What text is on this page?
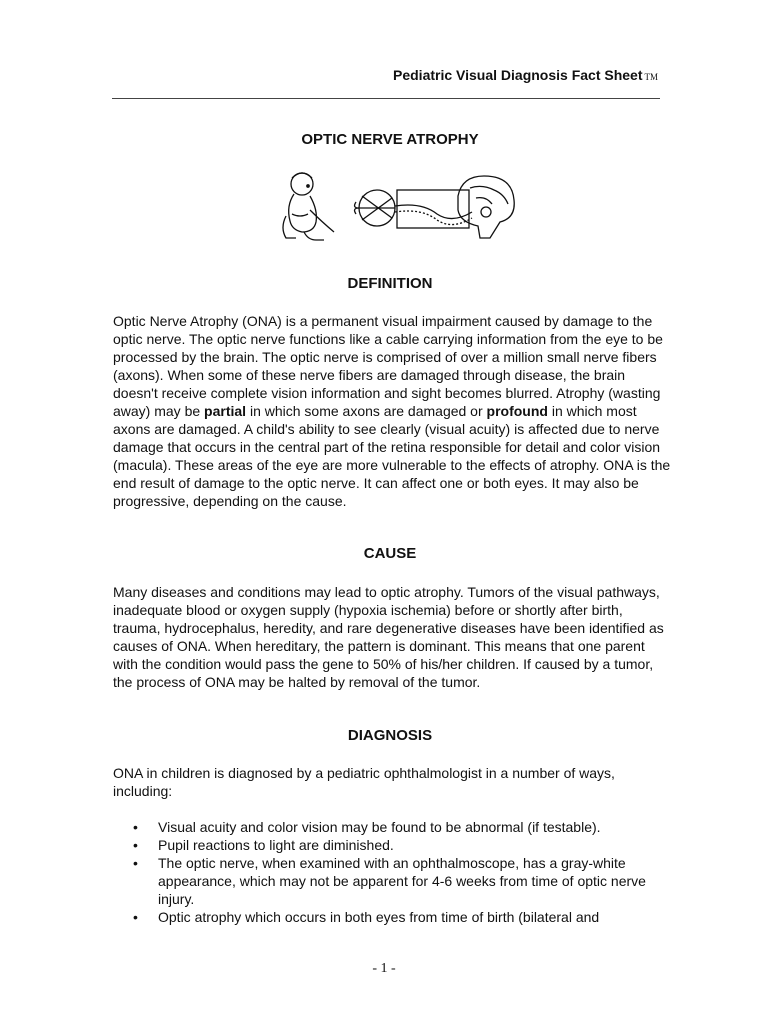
Pediatric Visual Diagnosis Fact Sheet TM
OPTIC NERVE ATROPHY
DEFINITION

Optic Nerve Atrophy (ONA) is a permanent visual impairment caused by damage to the optic nerve. The optic nerve functions like a cable carrying information from the eye to be processed by the brain. The optic nerve is comprised of over a million small nerve fibers (axons). When some of these nerve fibers are damaged through disease, the brain doesn't receive complete vision information and sight becomes blurred. Atrophy (wasting away) may be partial in which some axons are damaged or profound in which most axons are damaged. A child's ability to see clearly (visual acuity) is affected due to nerve damage that occurs in the central part of the retina responsible for detail and color vision (macula). These areas of the eye are more vulnerable to the effects of atrophy. ONA is the end result of damage to the optic nerve. It can affect one or both eyes. It may also be progressive, depending on the cause.

CAUSE

Many diseases and conditions may lead to optic atrophy. Tumors of the visual pathways, inadequate blood or oxygen supply (hypoxia ischemia) before or shortly after birth, trauma, hydrocephalus, heredity, and rare degenerative diseases have been identified as causes of ONA. When hereditary, the pattern is dominant. This means that one parent with the condition would pass the gene to 50% of his/her children. If caused by a tumor, the process of ONA may be halted by removal of the tumor.

DIAGNOSIS

ONA in children is diagnosed by a pediatric ophthalmologist in a number of ways, including:

• Visual acuity and color vision may be found to be abnormal (if testable).
• Pupil reactions to light are diminished.
• The optic nerve, when examined with an ophthalmoscope, has a gray-white appearance, which may not be apparent for 4-6 weeks from time of optic nerve injury.
• Optic atrophy which occurs in both eyes from time of birth (bilateral and
- 1 -
